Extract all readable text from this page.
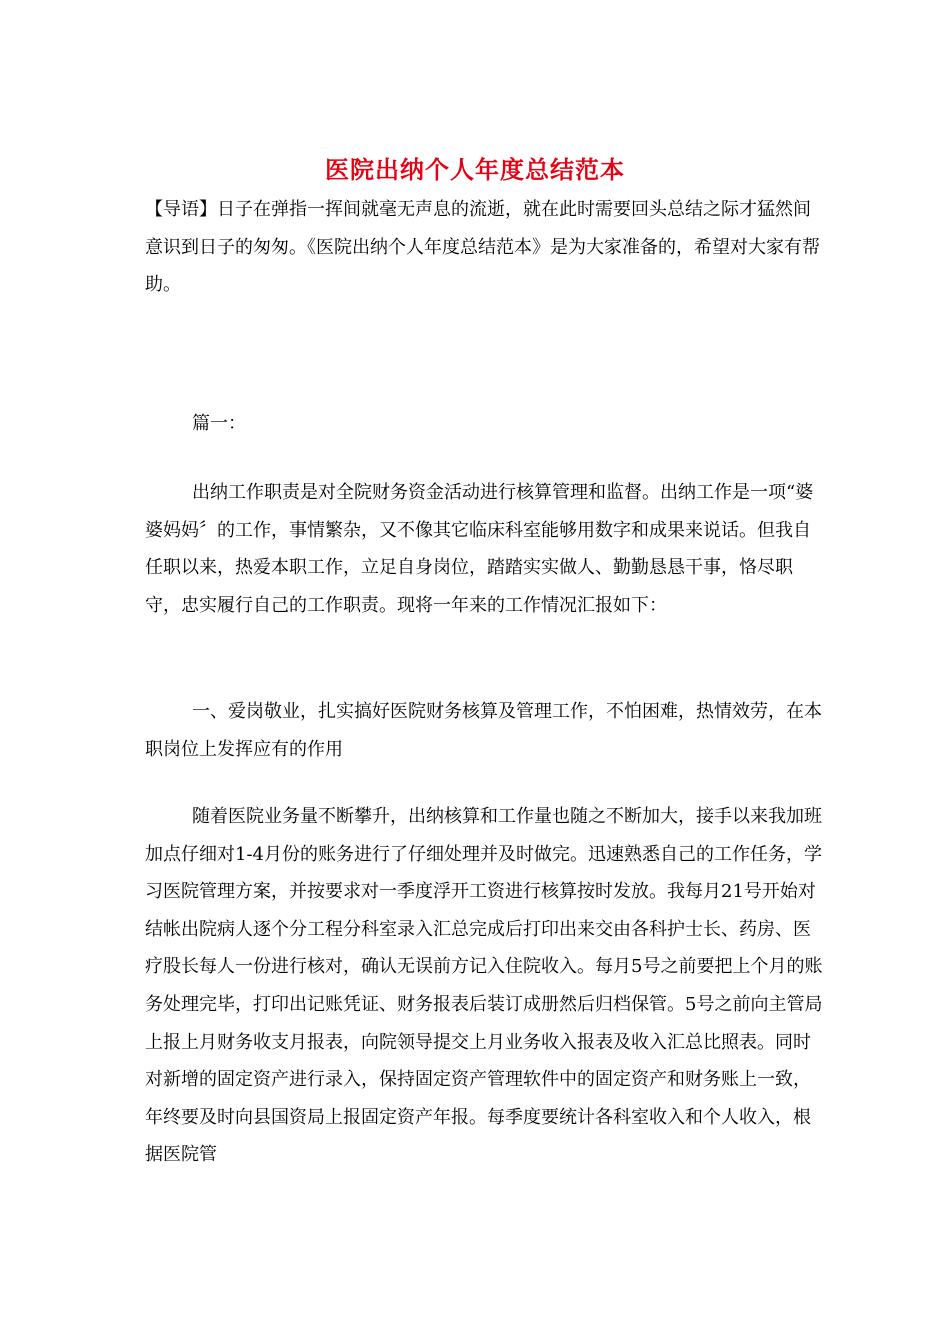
医院出纳个人年度总结范本

【导语】日子在弹指一挥间就毫无声息的流逝，就在此时需要回头总结之际才猛然间意识到日子的匆匆。《医院出纳个人年度总结范本》是为大家准备的，希望对大家有帮助。

篇一：

出纳工作职责是对全院财务资金活动进行核算管理和监督。出纳工作是一项“婆婆妈妈〞的工作，事情繁杂，又不像其它临床科室能够用数字和成果来说话。但我自任职以来，热爱本职工作，立足自身岗位，踏踏实实做人、勤勤恳恳干事，恪尽职守，忠实履行自己的工作职责。现将一年来的工作情况汇报如下：

一、爱岗敬业，扎实搞好医院财务核算及管理工作，不怕困难，热情效劳，在本职岗位上发挥应有的作用

随着医院业务量不断攀升，出纳核算和工作量也随之不断加大，接手以来我加班加点仔细对1-4月份的账务进行了仔细处理并及时做完。迅速熟悉自己的工作任务，学习医院管理方案，并按要求对一季度浮开工资进行核算按时发放。我每月21号开始对结帐出院病人逐个分工程分科室录入汇总完成后打印出来交由各科护士长、药房、医疗股长每人一份进行核对，确认无误前方记入住院收入。每月5号之前要把上个月的账务处理完毕，打印出记账凭证、财务报表后装订成册然后归档保管。5号之前向主管局上报上月财务收支月报表，向院领导提交上月业务收入报表及收入汇总比照表。同时对新增的固定资产进行录入，保持固定资产管理软件中的固定资产和财务账上一致，年终要及时向县国资局上报固定资产年报。每季度要统计各科室收入和个人收入，根据医院管
